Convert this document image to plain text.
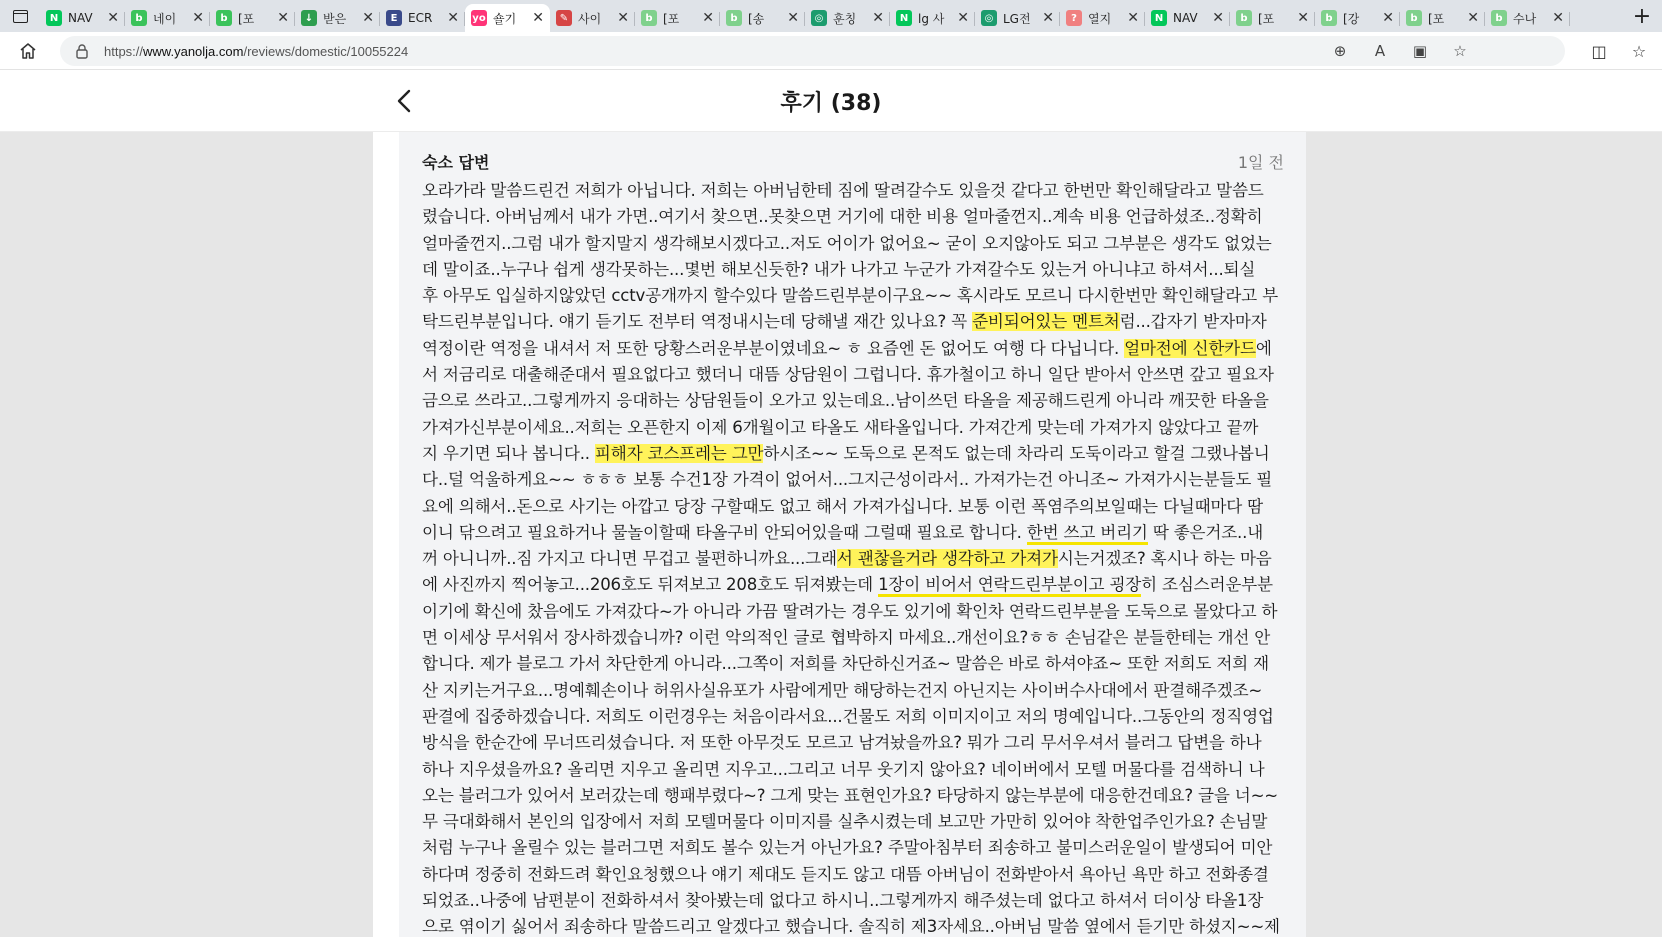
N NAV	✕	b 네이	✕	b [포	✕	↓ 받은	✕	E ECR	✕ yo 숄기	✕	✎ 사이	✕	b [포	✕	b [송	✕	◎ 훈칭	✕	N lg 사 ✕	◎ LG전 ✕	? 열지	✕	N NAV	✕	b [포	✕	b [강	✕	b [포	✕	b 수나	✕	+
https://www.yanolja.com/reviews/domestic/10055224	⊕ A ▣ ☆	◫ ☆
후기 (38)
숙소 답변	1일 전
오라가라 말씀드린건 저희가 아닙니다. 저희는 아버님한테 짐에 딸려갈수도 있을것 같다고 한번만 확인해달라고 말씀드
렸습니다. 아버님께서 내가 가면..여기서 찾으면..못찾으면 거기에 대한 비용 얼마줄껀지..계속 비용 언급하셨조..정확히
얼마줄껀지..그럼 내가 할지말지 생각해보시겠다고..저도 어이가 없어요~ 굳이 오지않아도 되고 그부분은 생각도 없었는
데 말이죠..누구나 쉽게 생각못하는...몇번 해보신듯한? 내가 나가고 누군가 가져갈수도 있는거 아니냐고 하셔서...퇴실
후 아무도 입실하지않았던 cctv공개까지 할수있다 말씀드린부분이구요~~ 혹시라도 모르니 다시한번만 확인해달라고 부
탁드린부분입니다. 얘기 듣기도 전부터 역정내시는데 당해낼 재간 있나요? 꼭 준비되어있는 멘트처럼...갑자기 받자마자
역정이란 역정을 내셔서 저 또한 당황스러운부분이였네요~ ㅎ 요즘엔 돈 없어도 여행 다 다닙니다. 얼마전에 신한카드에
서 저금리로 대출해준대서 필요없다고 했더니 대뜸 상담원이 그럽니다. 휴가철이고 하니 일단 받아서 안쓰면 갚고 필요자
금으로 쓰라고..그렇게까지 응대하는 상담원들이 오가고 있는데요..남이쓰던 타올을 제공해드린게 아니라 깨끗한 타올을
가져가신부분이세요..저희는 오픈한지 이제 6개월이고 타올도 새타올입니다. 가져간게 맞는데 가져가지 않았다고 끝까
지 우기면 되나 봅니다.. 피해자 코스프레는 그만하시조~~ 도둑으로 몬적도 없는데 차라리 도둑이라고 할걸 그랬나봅니
다..덜 억울하게요~~ ㅎㅎㅎ 보통 수건1장 가격이 없어서...그지근성이라서.. 가져가는건 아니조~ 가져가시는분들도 필
요에 의해서..돈으로 사기는 아깝고 당장 구할때도 없고 해서 가져가십니다. 보통 이런 폭염주의보일때는 다닐때마다 땀
이니 닦으려고 필요하거나 물놀이할때 타올구비 안되어있을때 그럴때 필요로 합니다. 한번 쓰고 버리기 딱 좋은거조..내
꺼 아니니까..짐 가지고 다니면 무겁고 불편하니까요...그래서 괜찮을거라 생각하고 가져가시는거겠조? 혹시나 하는 마음
에 사진까지 찍어놓고...206호도 뒤져보고 208호도 뒤져봤는데 1장이 비어서 연락드린부분이고 굉장히 조심스러운부분
이기에 확신에 찼음에도 가져갔다~가 아니라 가끔 딸려가는 경우도 있기에 확인차 연락드린부분을 도둑으로 몰았다고 하
면 이세상 무서워서 장사하겠습니까? 이런 악의적인 글로 협박하지 마세요..개선이요?ㅎㅎ 손님같은 분들한테는 개선 안
합니다. 제가 블로그 가서 차단한게 아니라...그쪽이 저희를 차단하신거죠~ 말씀은 바로 하셔야죠~ 또한 저희도 저희 재
산 지키는거구요...명예훼손이나 허위사실유포가 사람에게만 해당하는건지 아닌지는 사이버수사대에서 판결해주겠조~
판결에 집중하겠습니다. 저희도 이런경우는 처음이라서요...건물도 저희 이미지이고 저의 명예입니다..그동안의 정직영업
방식을 한순간에 무너뜨리셨습니다. 저 또한 아무것도 모르고 남겨놨을까요? 뭐가 그리 무서우셔서 블러그 답변을 하나
하나 지우셨을까요? 올리면 지우고 올리면 지우고...그리고 너무 웃기지 않아요? 네이버에서 모텔 머물다를 검색하니 나
오는 블러그가 있어서 보러갔는데 행패부렸다~? 그게 맞는 표현인가요? 타당하지 않는부분에 대응한건데요? 글을 너~~
무 극대화해서 본인의 입장에서 저희 모텔머물다 이미지를 실추시켰는데 보고만 가만히 있어야 착한업주인가요? 손님말
처럼 누구나 올릴수 있는 블러그면 저희도 볼수 있는거 아닌가요? 주말아침부터 죄송하고 불미스러운일이 발생되어 미안
하다며 정중히 전화드려 확인요청했으나 얘기 제대도 듣지도 않고 대뜸 아버님이 전화받아서 욕아닌 욕만 하고 전화종결
되었죠..나중에 남편분이 전화하셔서 찾아봤는데 없다고 하시니..그렇게까지 해주셨는데 없다고 하셔서 더이상 타올1장
으로 엮이기 싫어서 죄송하다 말씀드리고 알겠다고 했습니다. 솔직히 제3자세요..아버님 말씀 옆에서 듣기만 하셨지~~제
